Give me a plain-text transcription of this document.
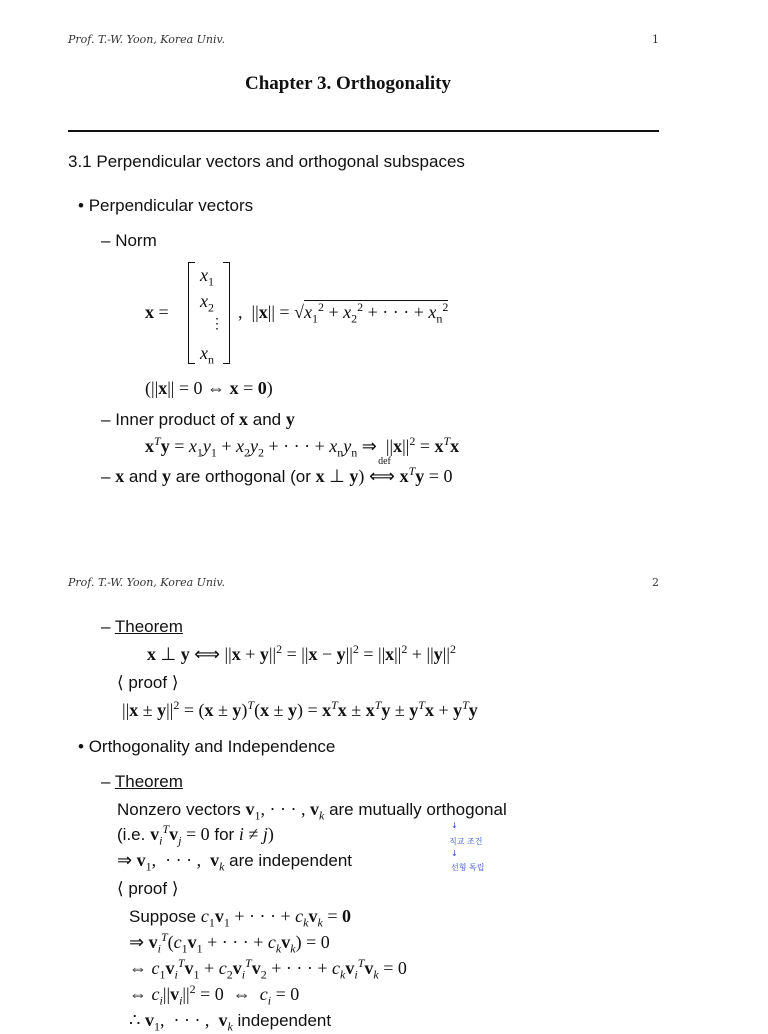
Prof. T.-W. Yoon, Korea Univ.	1
Chapter 3. Orthogonality
3.1 Perpendicular vectors and orthogonal subspaces
• Perpendicular vectors
– Norm
x =
$x_1$
$x_2$
⋮
$x_n$
,  $||x|| = √x_1^2 + x_2^2$ + · · · + $x_n^2$
(||x|| = 0 ⇔ x = 0)
– Inner product of x and y
$x^Ty = x_1y_1 + x_2y_2$ + · · · + $x_ny_n$ ⇒  $||x||^2 = x^Tx$
– x and y are orthogonal (or x ⊥ y)
def
⟺ $x^Ty = 0$
Prof. T.-W. Yoon, Korea Univ.	2
– Theorem
x ⊥ y ⟺ $||x + y||^2 = ||x - y||^2 = ||x||^2 + ||y||^2$
⟨ proof ⟩
$||x \pm y||^2 = (x \pm y)^T(x \pm y) = x^Tx \pm x^Ty \pm y^Tx + y^Ty$
• Orthogonality and Independence
– Theorem
Nonzero vectors $v_1$, · · · , $v_k$ are mutually orthogonal
(i.e. $v_i^Tv_j = 0$ for i ≠ j)
⇒ $v_1$,  · · · ,  $v_k$ are independent
↓
직교 조건
↓
선형 독립
⟨ proof ⟩
Suppose $c_1v_1$ + · · · + $c_kv_k = 0$
⇒ $v_i^T(c_1v_1$ + · · · + $c_kv_k) = 0$
⇔ $c_1v_i^Tv_1 + c_2v_i^Tv_2$ + · · · + $c_kv_i^Tv_k = 0$
⇔ $c_i||v_i||^2 = 0$  ⇔  $c_i = 0$
∴ $v_1$,  · · · ,  $v_k$ independent
